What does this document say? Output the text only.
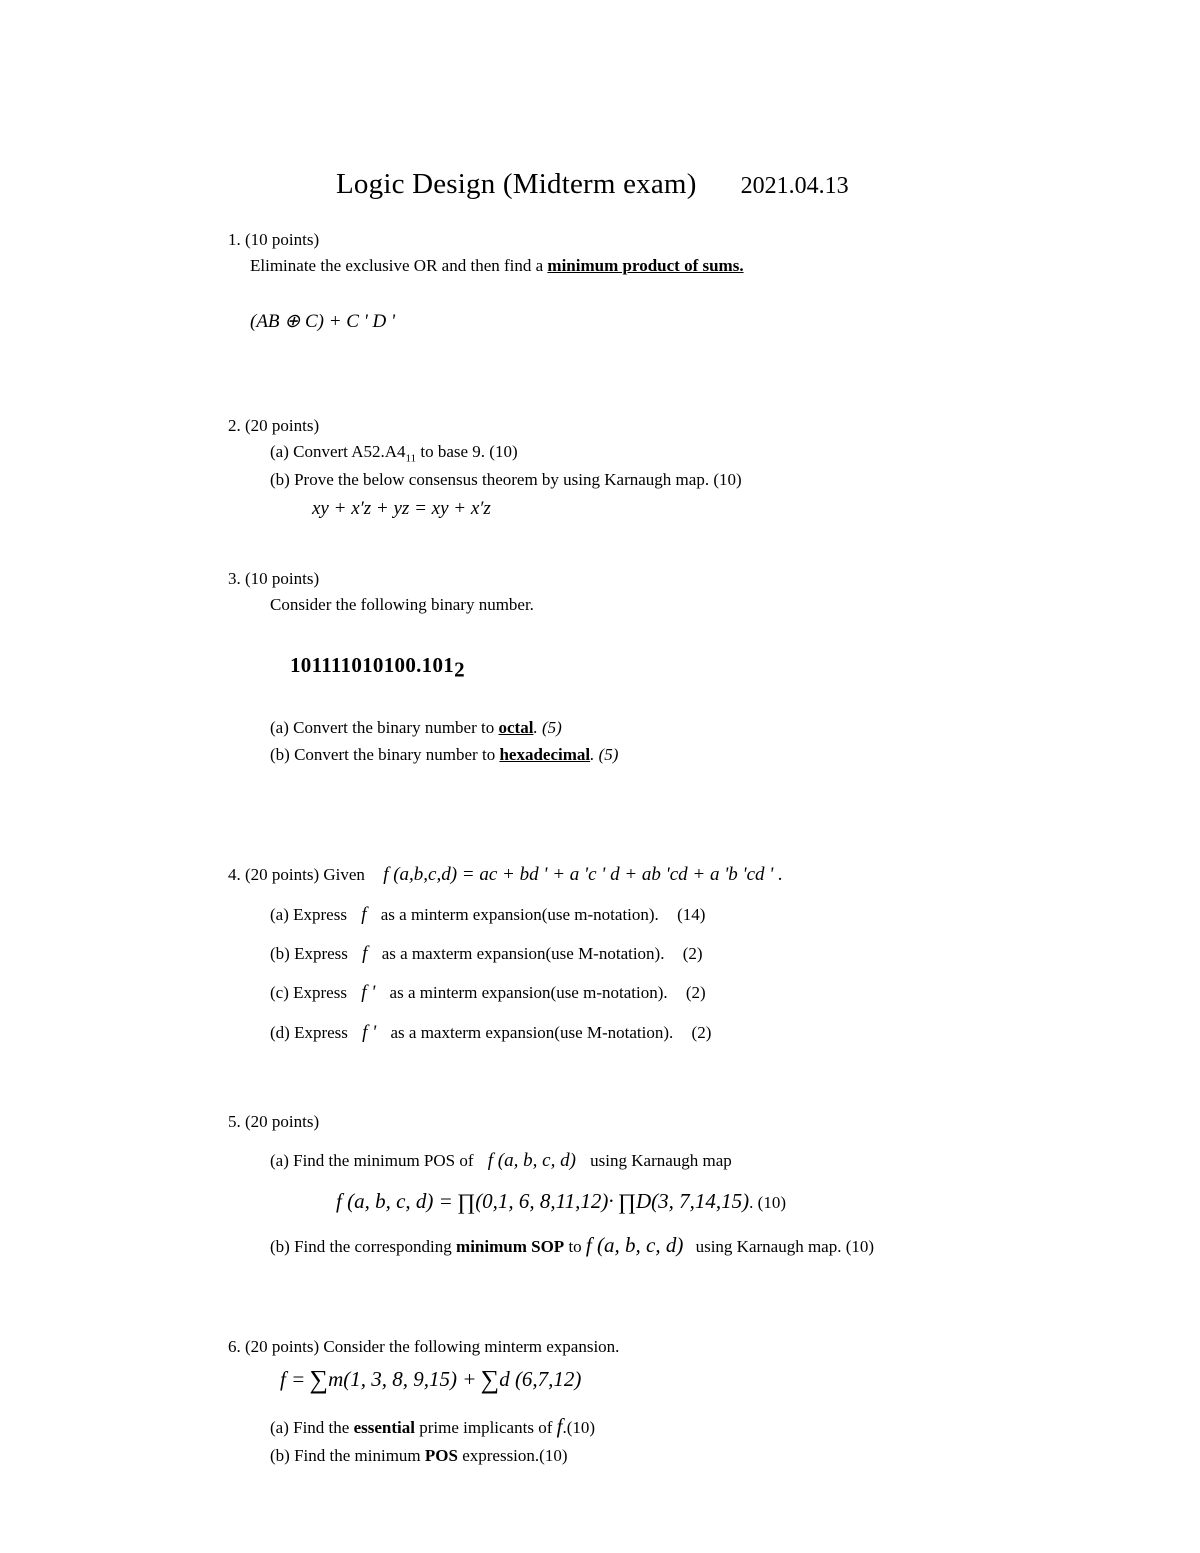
Logic Design (Midterm exam) 2021.04.13
1. (10 points)
Eliminate the exclusive OR and then find a minimum product of sums.
(AB ⊕ C) + C ' D '
2. (20 points)
(a) Convert $A52.A4_{11}$ to base 9. (10)
(b) Prove the below consensus theorem by using Karnaugh map. (10)
xy + x′z + yz = xy + x′z
3. (10 points)
Consider the following binary number.
101111010100.1012
(a) Convert the binary number to octal. (5)
(b) Convert the binary number to hexadecimal. (5)
4. (20 points) Given f (a,b,c,d) = ac + bd ' + a 'c ' d + ab 'cd + a 'b 'cd ' .
(a) Express f as a minterm expansion(use m-notation). (14)
(b) Express f as a maxterm expansion(use M-notation). (2)
(c) Express f ' as a minterm expansion(use m-notation). (2)
(d) Express f ' as a maxterm expansion(use M-notation). (2)
5. (20 points)
(a) Find the minimum POS of f (a, b, c, d) using Karnaugh map
f (a, b, c, d) = ∏(0,1, 6, 8,11,12)· ∏D(3, 7,14,15). (10)
(b) Find the corresponding minimum SOP to f (a, b, c, d) using Karnaugh map. (10)
6. (20 points) Consider the following minterm expansion.
f = ∑m(1, 3, 8, 9,15) + ∑d (6,7,12)
(a) Find the essential prime implicants of f.(10)
(b) Find the minimum POS expression.(10)
